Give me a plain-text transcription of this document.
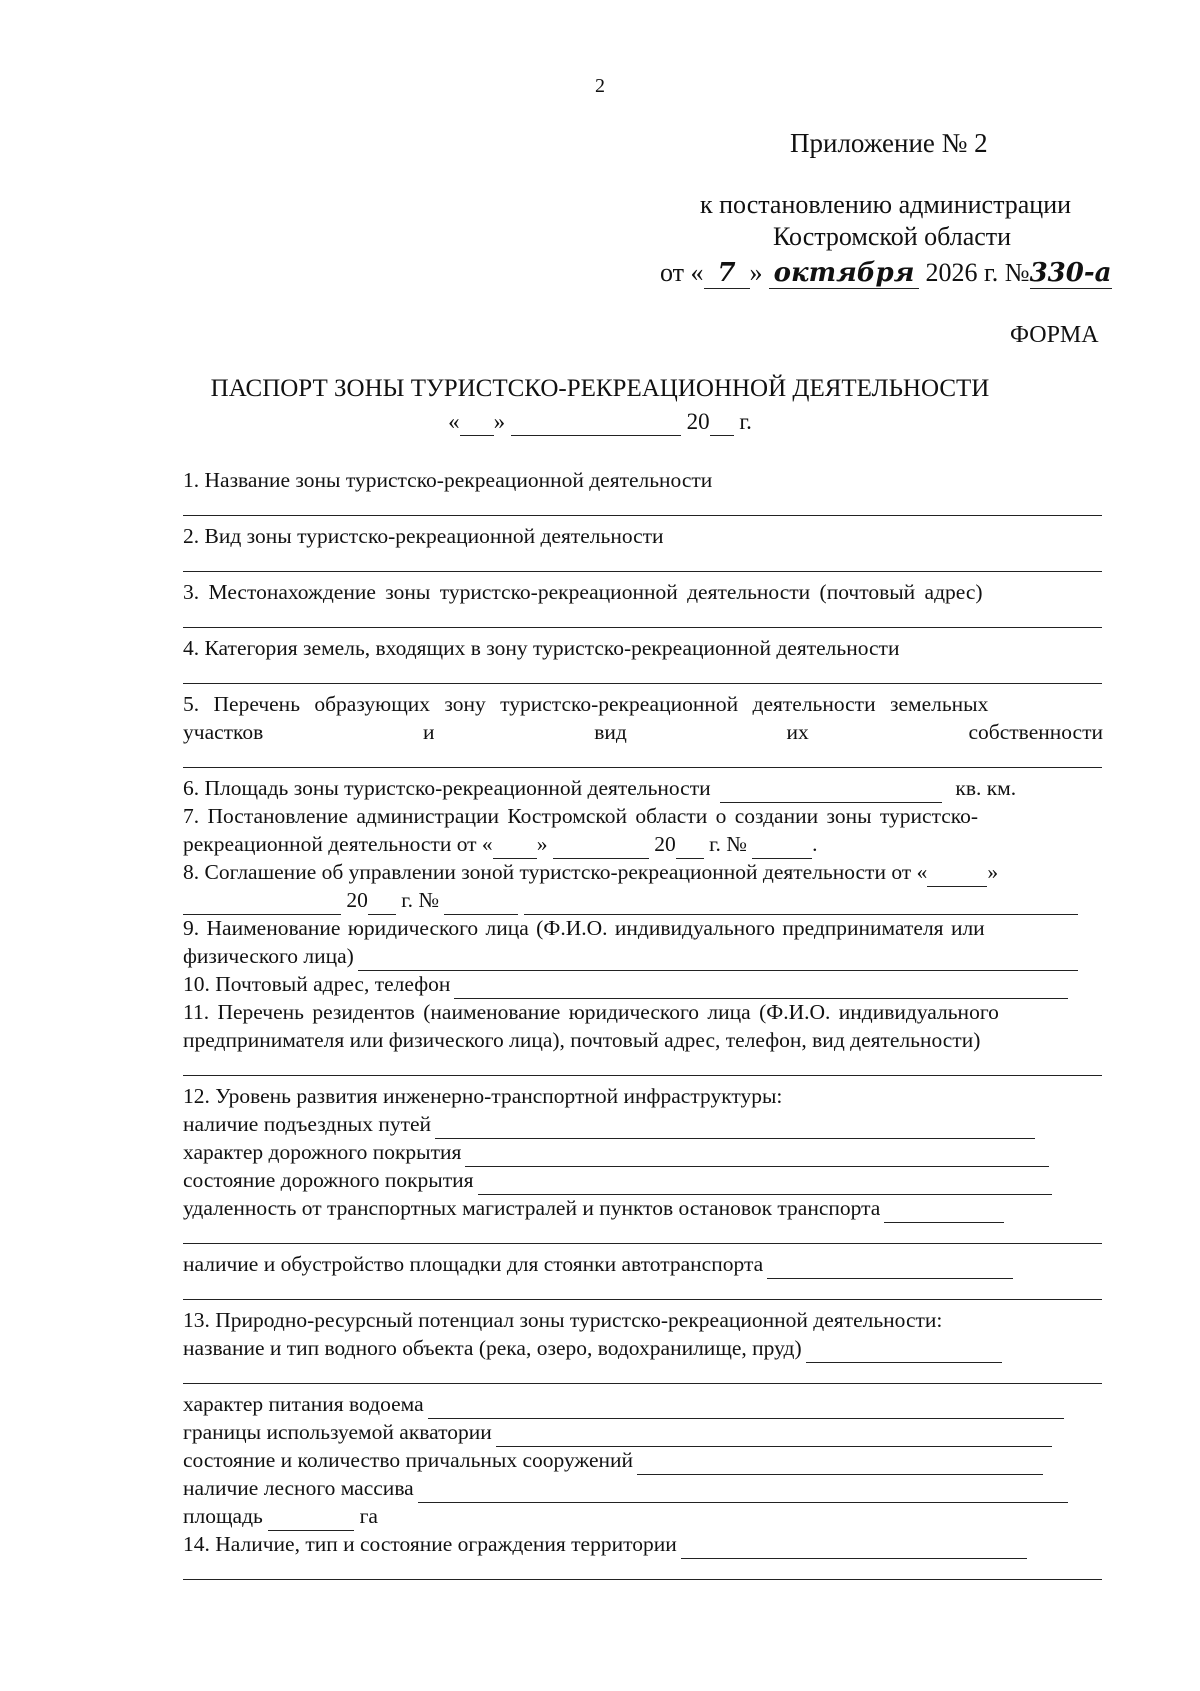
2
Приложение № 2
к постановлению администрации
Костромской области
от « 7 » октября 2026 г. №330-а
ФОРМА
ПАСПОРТ ЗОНЫ ТУРИСТСКО-РЕКРЕАЦИОННОЙ ДЕЯТЕЛЬНОСТИ
« »	20 г.
1. Название зоны туристско-рекреационной деятельности
2. Вид зоны туристско-рекреационной деятельности
3. Местонахождение зоны туристско-рекреационной деятельности (почтовый адрес)
4. Категория земель, входящих в зону туристско-рекреационной деятельности
5. Перечень образующих зону туристско-рекреационной деятельности земельных
участков	и	вид	их	собственности
6. Площадь зоны туристско-рекреационной деятельности	кв. км.
7. Постановление администрации Костромской области о создании зоны туристско-
рекреационной деятельности от « »	20 г. №	.
8. Соглашение об управлении зоной туристско-рекреационной деятельности от «	»
20 г. №
9. Наименование юридического лица (Ф.И.О. индивидуального предпринимателя или
физического лица)
10. Почтовый адрес, телефон
11. Перечень резидентов (наименование юридического лица (Ф.И.О. индивидуального
предпринимателя или физического лица), почтовый адрес, телефон, вид деятельности)
12. Уровень развития инженерно-транспортной инфраструктуры:
наличие подъездных путей
характер дорожного покрытия
состояние дорожного покрытия
удаленность от транспортных магистралей и пунктов остановок транспорта
наличие и обустройство площадки для стоянки автотранспорта
13. Природно-ресурсный потенциал зоны туристско-рекреационной деятельности:
название и тип водного объекта (река, озеро, водохранилище, пруд)
характер питания водоема
границы используемой акватории
состояние и количество причальных сооружений
наличие лесного массива
площадь	га
14. Наличие, тип и состояние ограждения территории
